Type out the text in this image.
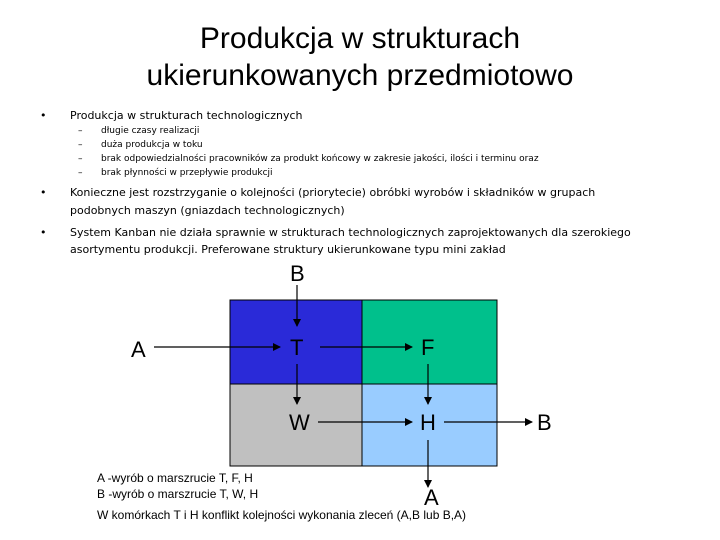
Produkcja w strukturach
ukierunkowanych przedmiotowo
• Produkcja w strukturach technologicznych
– długie czasy realizacji
– duża produkcja w toku
– brak odpowiedzialności pracowników za produkt końcowy w zakresie jakości, ilości i terminu oraz
– brak płynności w przepływie produkcji
• Konieczne jest rozstrzyganie o kolejności (priorytecie) obróbki wyrobów i składników w grupach
podobnych maszyn (gniazdach technologicznych)
• System Kanban nie działa sprawnie w strukturach technologicznych zaprojektowanych dla szerokiego
asortymentu produkcji. Preferowane struktury ukierunkowane typu mini zakład
B
A	T	F
W	H	B
A
A -wyrób o marszrucie T, F, H
B -wyrób o marszrucie T, W, H
W komórkach T i H konflikt kolejności wykonania zleceń (A,B lub B,A)
